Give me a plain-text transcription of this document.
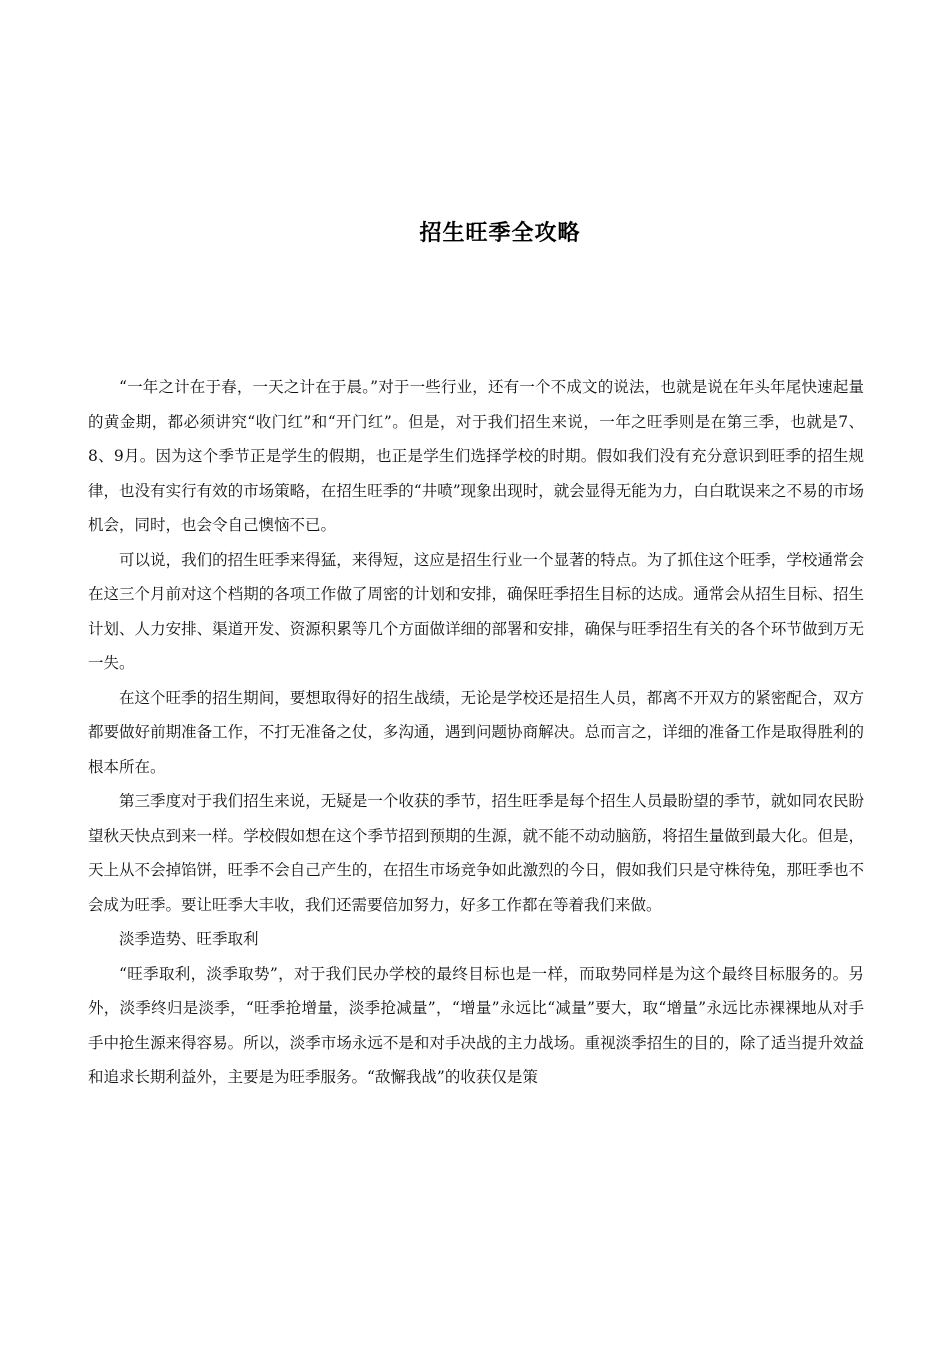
招生旺季全攻略

“一年之计在于春，一天之计在于晨。”对于一些行业，还有一个不成文的说法，也就是说在年头年尾快速起量的黄金期，都必须讲究“收门红”和“开门红”。但是，对于我们招生来说，一年之旺季则是在第三季，也就是7、8、9月。因为这个季节正是学生的假期，也正是学生们选择学校的时期。假如我们没有充分意识到旺季的招生规律，也没有实行有效的市场策略，在招生旺季的“井喷”现象出现时，就会显得无能为力，白白耽误来之不易的市场机会，同时，也会令自己懊恼不已。

可以说，我们的招生旺季来得猛，来得短，这应是招生行业一个显著的特点。为了抓住这个旺季，学校通常会在这三个月前对这个档期的各项工作做了周密的计划和安排，确保旺季招生目标的达成。通常会从招生目标、招生计划、人力安排、渠道开发、资源积累等几个方面做详细的部署和安排，确保与旺季招生有关的各个环节做到万无一失。

在这个旺季的招生期间，要想取得好的招生战绩，无论是学校还是招生人员，都离不开双方的紧密配合，双方都要做好前期准备工作，不打无准备之仗，多沟通，遇到问题协商解决。总而言之，详细的准备工作是取得胜利的根本所在。

第三季度对于我们招生来说，无疑是一个收获的季节，招生旺季是每个招生人员最盼望的季节，就如同农民盼望秋天快点到来一样。学校假如想在这个季节招到预期的生源，就不能不动动脑筋，将招生量做到最大化。但是，天上从不会掉馅饼，旺季不会自己产生的，在招生市场竞争如此激烈的今日，假如我们只是守株待兔，那旺季也不会成为旺季。要让旺季大丰收，我们还需要倍加努力，好多工作都在等着我们来做。

淡季造势、旺季取利

“旺季取利，淡季取势”，对于我们民办学校的最终目标也是一样，而取势同样是为这个最终目标服务的。另外，淡季终归是淡季，“旺季抢增量，淡季抢减量”，“增量”永远比“减量”要大，取“增量”永远比赤裸裸地从对手手中抢生源来得容易。所以，淡季市场永远不是和对手决战的主力战场。重视淡季招生的目的，除了适当提升效益和追求长期利益外，主要是为旺季服务。“敌懈我战”的收获仅是策
